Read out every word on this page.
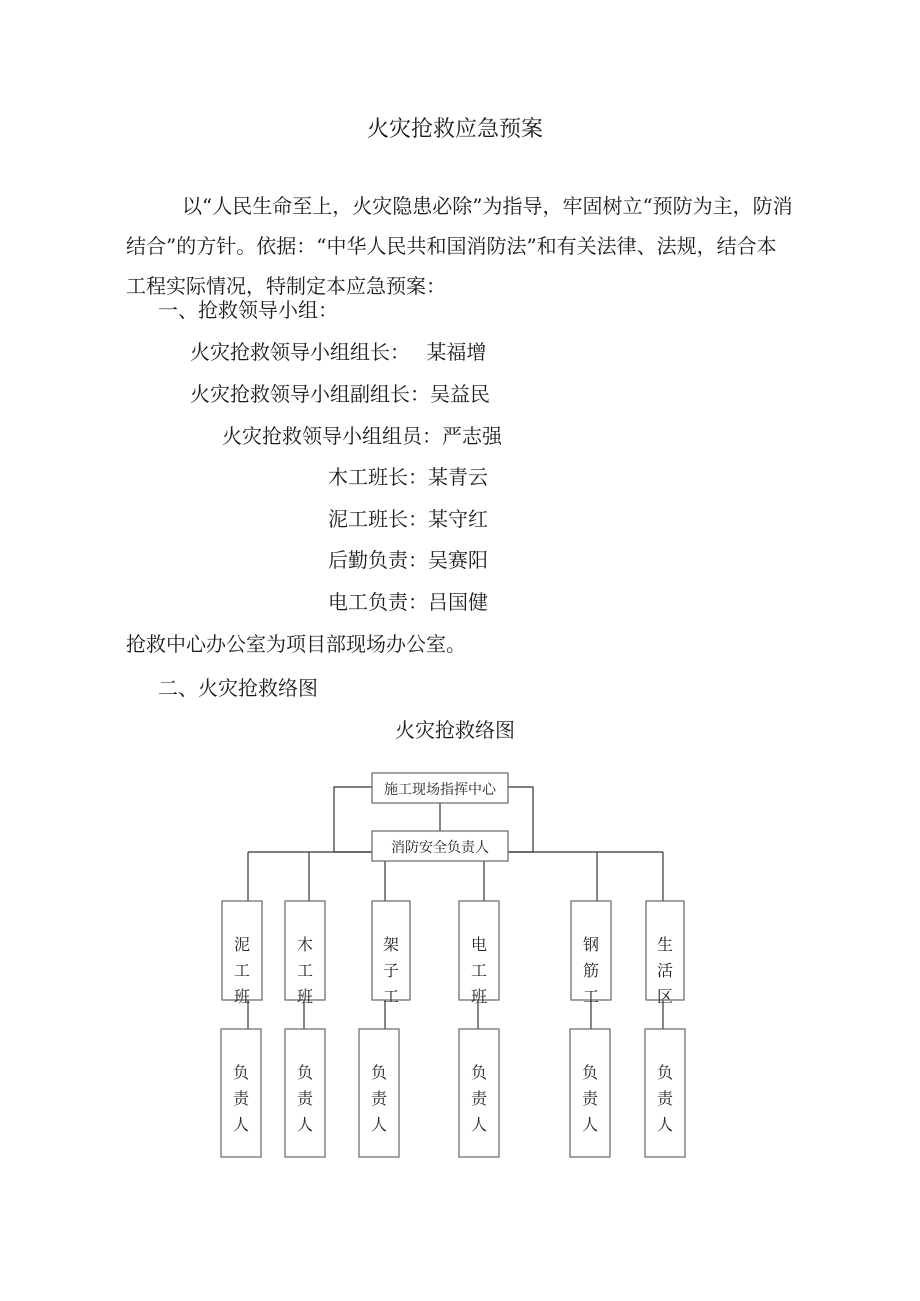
火灾抢救应急预案
以“人民生命至上，火灾隐患必除”为指导，牢固树立“预防为主，防消结合”的方针。依据：“中华人民共和国消防法”和有关法律、法规，结合本工程实际情况，特制定本应急预案：
一、抢救领导小组：
火灾抢救领导小组组长：　 某福增
火灾抢救领导小组副组长：吴益民
火灾抢救领导小组组员：严志强
木工班长：某青云
泥工班长：某守红
后勤负责：吴赛阳
电工负责：吕国健
抢救中心办公室为项目部现场办公室。
二、火灾抢救络图
火灾抢救络图
施工现场指挥中心
消防安全负责人
泥工班
木工班
架子工
电工班
钢筋工
生活区
负责人
负责人
负责人
负责人
负责人
负责人
